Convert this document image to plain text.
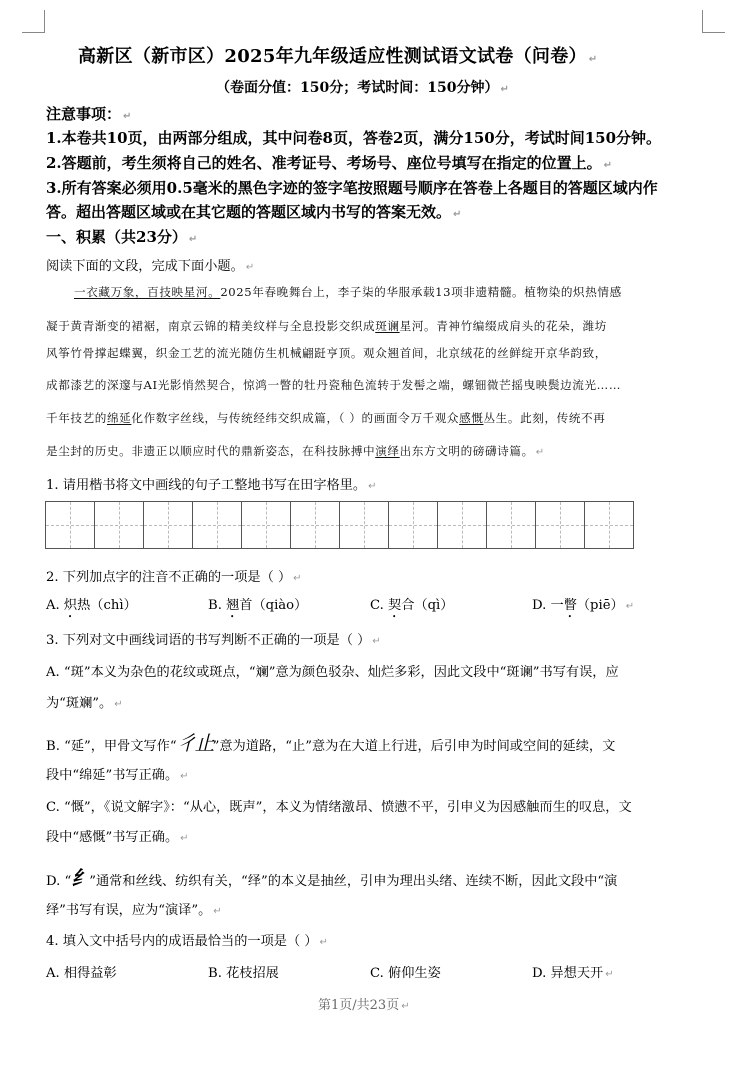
高新区（新市区）2025年九年级适应性测试语文试卷（问卷） ↵
（卷面分值：150分；考试时间：150分钟） ↵
注意事项： ↵
1.本卷共10页，由两部分组成，其中问卷8页，答卷2页，满分150分，考试时间150分钟。
2.答题前，考生须将自己的姓名、准考证号、考场号、座位号填写在指定的位置上。 ↵
3.所有答案必须用0.5毫米的黑色字迹的签字笔按照题号顺序在答卷上各题目的答题区域内作
答。超出答题区域或在其它题的答题区域内书写的答案无效。 ↵
一、积累（共23分） ↵
阅读下面的文段，完成下面小题。 ↵
一衣藏万象，百技映星河。2025年春晚舞台上，李子柒的华服承载13项非遗精髓。植物染的炽热情感
凝于黄青渐变的裙裾，南京云锦的精美纹样与全息投影交织成斑谰星河。青神竹编缀成肩头的花朵，潍坊
风筝竹骨撑起蝶翼，织金工艺的流光随仿生机械翩跹亨顶。观众翘首间，北京绒花的丝鲜绽开京华韵致，
成都漆艺的深邃与AI光影悄然契合，惊鸿一瞥的牡丹瓷釉色流转于发髻之端，螺钿微芒摇曳映鬓边流光……
千年技艺的绵延化作数字丝线，与传统经纬交织成篇，（ ）的画面令万千观众感慨丛生。此刻，传统不再
是尘封的历史。非遗正以顺应时代的鼎新姿态，在科技脉搏中演绎出东方文明的磅礴诗篇。 ↵
1. 请用楷书将文中画线的句子工整地书写在田字格里。 ↵
2. 下列加点字的注音不正确的一项是（ ） ↵
A. 炽热（chì）	B. 翘首（qiào）	C. 契合（qì）	D. 一瞥（piē） ↵
3. 下列对文中画线词语的书写判断不正确的一项是（ ） ↵
A. “斑”本义为杂色的花纹或斑点，“斓”意为颜色驳杂、灿烂多彩，因此文段中“斑谰”书写有误，应
为“斑斓”。 ↵
B. “延”，甲骨文写作“彳止”意为道路，“止”意为在大道上行进，后引申为时间或空间的延续，文
段中“绵延”书写正确。 ↵
C. “慨”，《说文解字》：“从心，既声”，本义为情绪激昂、愤懑不平，引申义为因感触而生的叹息，文
段中“感慨”书写正确。 ↵
D. “纟”通常和丝线、纺织有关，“绎”的本义是抽丝，引申为理出头绪、连续不断，因此文段中“演
绎”书写有误，应为“演译”。 ↵
4. 填入文中括号内的成语最恰当的一项是（ ） ↵
A. 相得益彰	B. 花枝招展	C. 俯仰生姿	D. 异想天开 ↵
第1页/共23页 ↵
